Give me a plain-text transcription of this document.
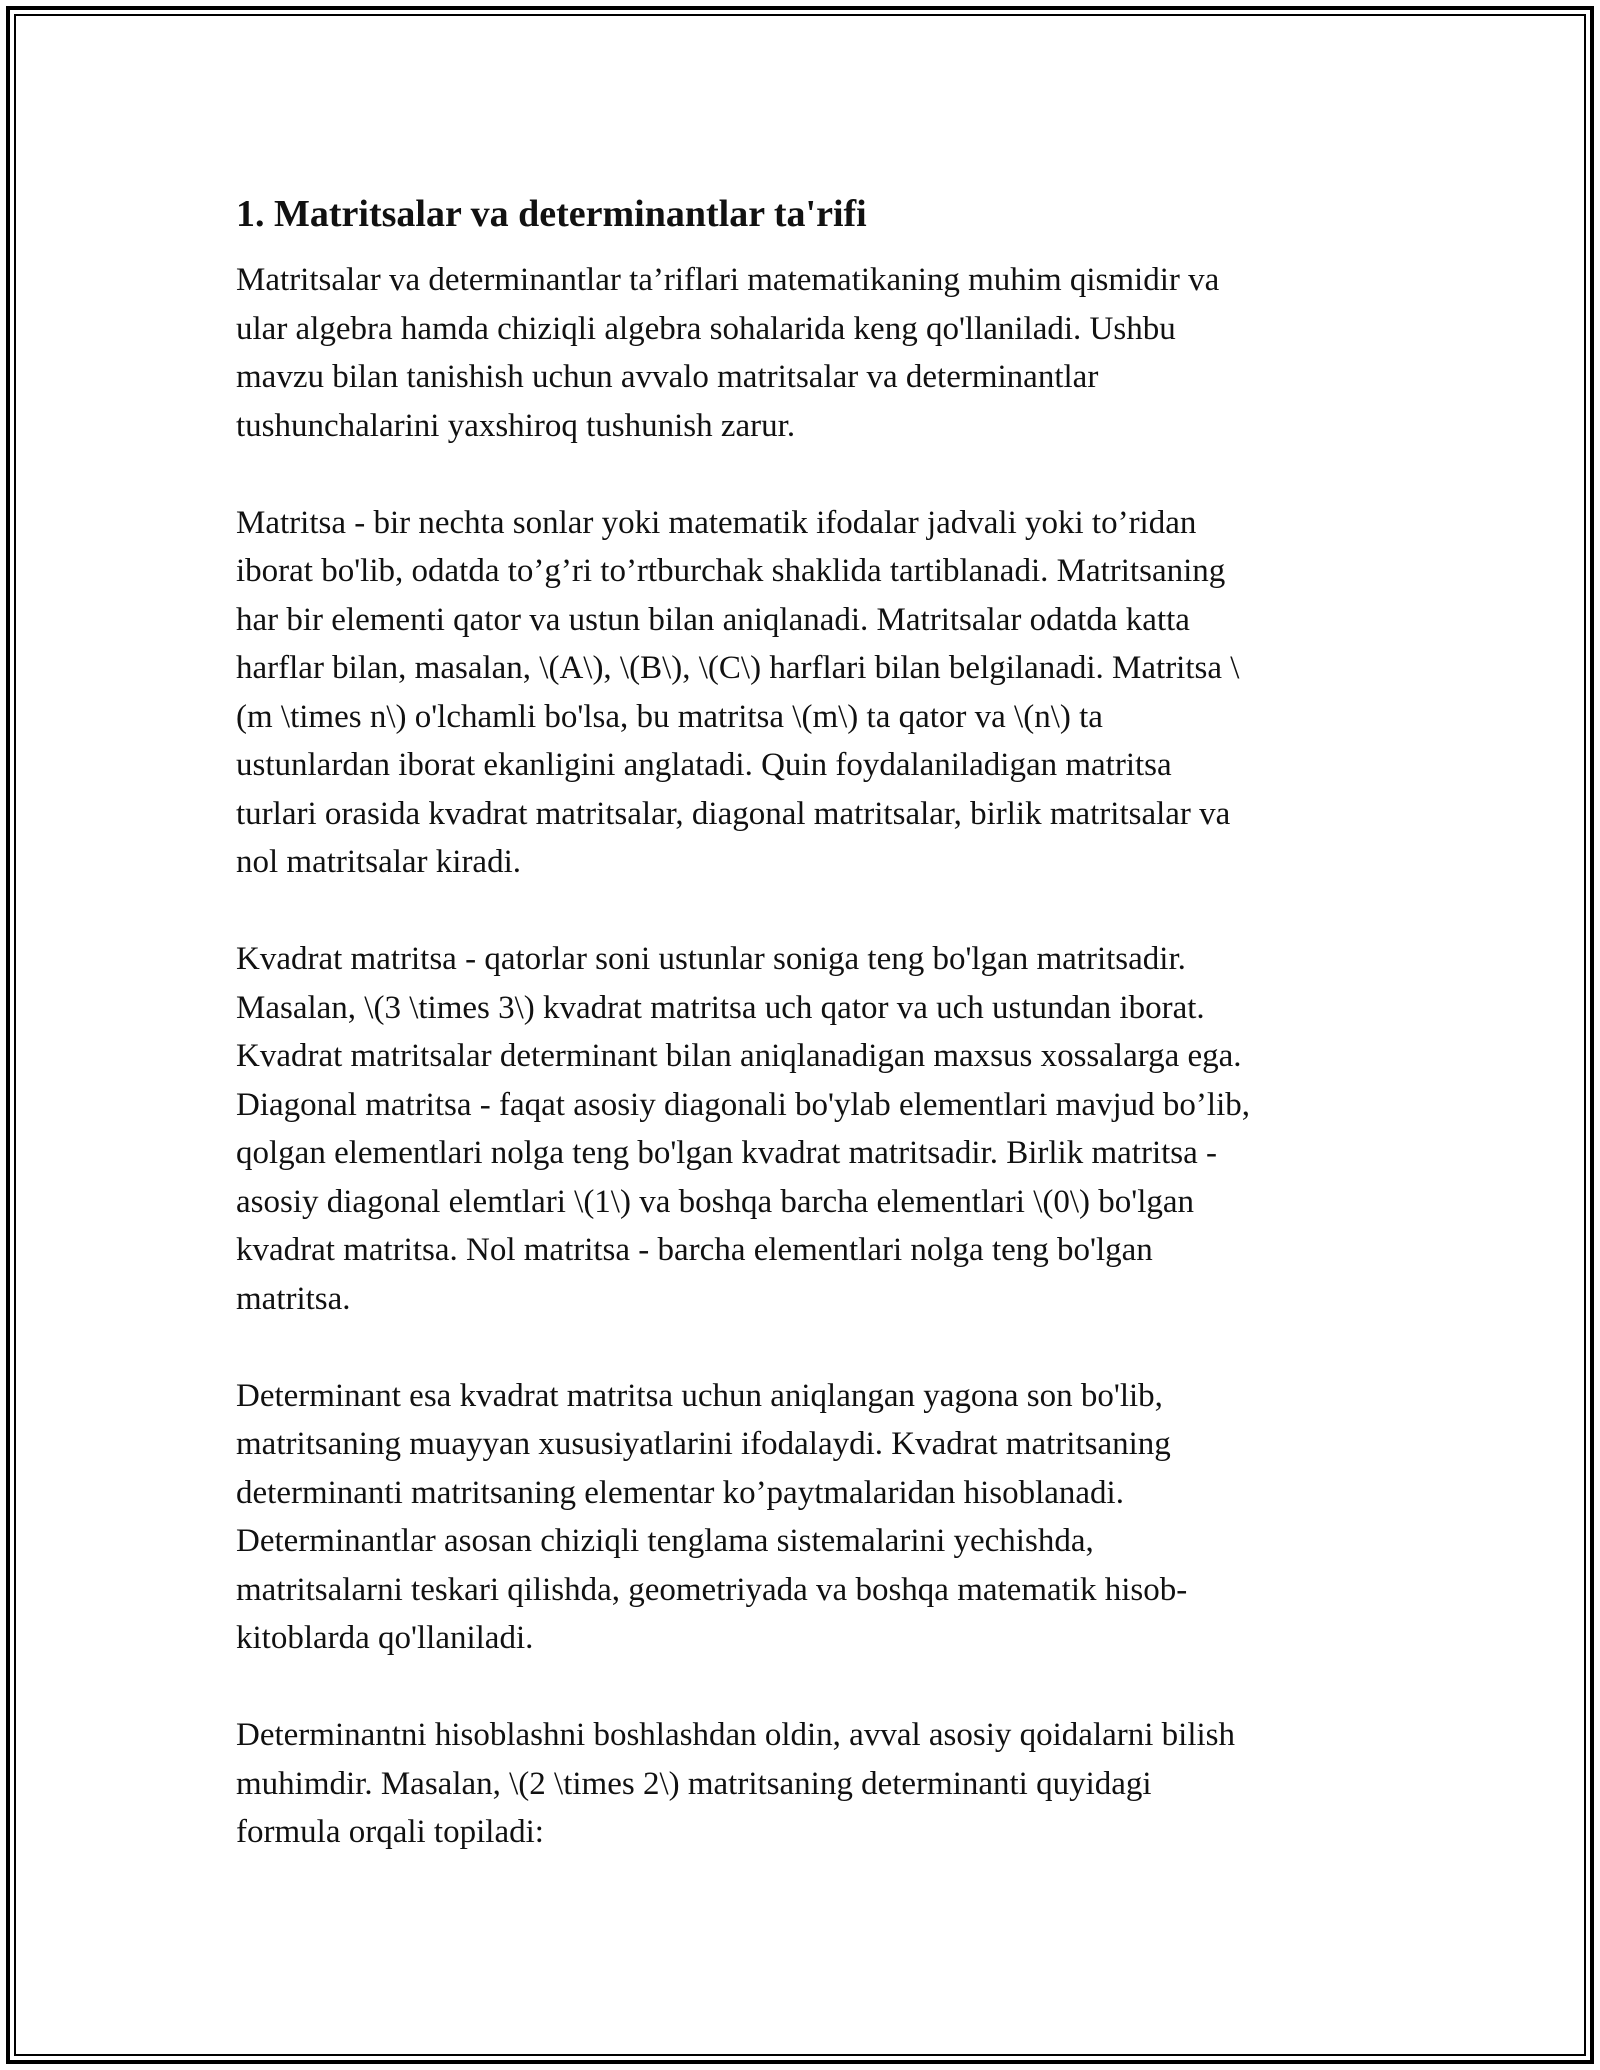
1. Matritsalar va determinantlar ta'rifi

Matritsalar va determinantlar ta’riflari matematikaning muhim qismidir va
ular algebra hamda chiziqli algebra sohalarida keng qo'llaniladi. Ushbu
mavzu bilan tanishish uchun avvalo matritsalar va determinantlar
tushunchalarini yaxshiroq tushunish zarur.

Matritsa - bir nechta sonlar yoki matematik ifodalar jadvali yoki to’ridan
iborat bo'lib, odatda to’g’ri to’rtburchak shaklida tartiblanadi. Matritsaning
har bir elementi qator va ustun bilan aniqlanadi. Matritsalar odatda katta
harflar bilan, masalan, \(A\), \(B\), \(C\) harflari bilan belgilanadi. Matritsa \
(m \times n\) o'lchamli bo'lsa, bu matritsa \(m\) ta qator va \(n\) ta
ustunlardan iborat ekanligini anglatadi. Quin foydalaniladigan matritsa
turlari orasida kvadrat matritsalar, diagonal matritsalar, birlik matritsalar va
nol matritsalar kiradi.

Kvadrat matritsa - qatorlar soni ustunlar soniga teng bo'lgan matritsadir.
Masalan, \(3 \times 3\) kvadrat matritsa uch qator va uch ustundan iborat.
Kvadrat matritsalar determinant bilan aniqlanadigan maxsus xossalarga ega.
Diagonal matritsa - faqat asosiy diagonali bo'ylab elementlari mavjud bo’lib,
qolgan elementlari nolga teng bo'lgan kvadrat matritsadir. Birlik matritsa -
asosiy diagonal elemtlari \(1\) va boshqa barcha elementlari \(0\) bo'lgan
kvadrat matritsa. Nol matritsa - barcha elementlari nolga teng bo'lgan
matritsa.

Determinant esa kvadrat matritsa uchun aniqlangan yagona son bo'lib,
matritsaning muayyan xususiyatlarini ifodalaydi. Kvadrat matritsaning
determinanti matritsaning elementar ko’paytmalaridan hisoblanadi.
Determinantlar asosan chiziqli tenglama sistemalarini yechishda,
matritsalarni teskari qilishda, geometriyada va boshqa matematik hisob-
kitoblarda qo'llaniladi.

Determinantni hisoblashni boshlashdan oldin, avval asosiy qoidalarni bilish
muhimdir. Masalan, \(2 \times 2\) matritsaning determinanti quyidagi
formula orqali topiladi:
